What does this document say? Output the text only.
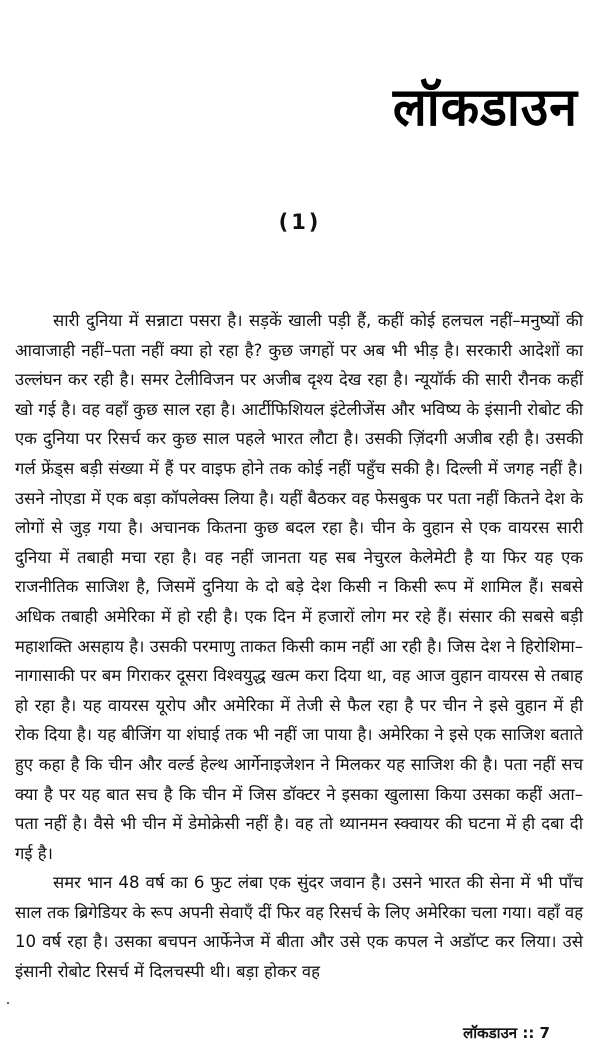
लॉकडाउन
(1)

सारी दुनिया में सन्नाटा पसरा है। सड़कें खाली पड़ी हैं, कहीं कोई हलचल नहीं–मनुष्यों की आवाजाही नहीं–पता नहीं क्या हो रहा है? कुछ जगहों पर अब भी भीड़ है। सरकारी आदेशों का उल्लंघन कर रही है। समर टेलीविजन पर अजीब दृश्य देख रहा है। न्यूयॉर्क की सारी रौनक कहीं खो गई है। वह वहाँ कुछ साल रहा है। आर्टीफिशियल इंटेलीजेंस और भविष्य के इंसानी रोबोट की एक दुनिया पर रिसर्च कर कुछ साल पहले भारत लौटा है। उसकी ज़िंदगी अजीब रही है। उसकी गर्ल फ्रेंड्स बड़ी संख्या में हैं पर वाइफ होने तक कोई नहीं पहुँच सकी है। दिल्ली में जगह नहीं है। उसने नोएडा में एक बड़ा कॉपलेक्स लिया है। यहीं बैठकर वह फेसबुक पर पता नहीं कितने देश के लोगों से जुड़ गया है। अचानक कितना कुछ बदल रहा है। चीन के वुहान से एक वायरस सारी दुनिया में तबाही मचा रहा है। वह नहीं जानता यह सब नेचुरल केलेमेटी है या फिर यह एक राजनीतिक साजिश है, जिसमें दुनिया के दो बड़े देश किसी न किसी रूप में शामिल हैं। सबसे अधिक तबाही अमेरिका में हो रही है। एक दिन में हजारों लोग मर रहे हैं। संसार की सबसे बड़ी महाशक्ति असहाय है। उसकी परमाणु ताकत किसी काम नहीं आ रही है। जिस देश ने हिरोशिमा–नागासाकी पर बम गिराकर दूसरा विश्वयुद्ध खत्म करा दिया था, वह आज वुहान वायरस से तबाह हो रहा है। यह वायरस यूरोप और अमेरिका में तेजी से फैल रहा है पर चीन ने इसे वुहान में ही रोक दिया है। यह बीजिंग या शंघाई तक भी नहीं जा पाया है। अमेरिका ने इसे एक साजिश बताते हुए कहा है कि चीन और वर्ल्ड हेल्थ आर्गेनाइजेशन ने मिलकर यह साजिश की है। पता नहीं सच क्या है पर यह बात सच है कि चीन में जिस डॉक्टर ने इसका खुलासा किया उसका कहीं अता–पता नहीं है। वैसे भी चीन में डेमोक्रेसी नहीं है। वह तो थ्यानमन स्क्वायर की घटना में ही दबा दी गई है।

समर भान 48 वर्ष का 6 फुट लंबा एक सुंदर जवान है। उसने भारत की सेना में भी पाँच साल तक ब्रिगेडियर के रूप अपनी सेवाएँ दीं फिर वह रिसर्च के लिए अमेरिका चला गया। वहाँ वह 10 वर्ष रहा है। उसका बचपन आर्फेनेज में बीता और उसे एक कपल ने अडॉप्ट कर लिया। उसे इंसानी रोबोट रिसर्च में दिलचस्पी थी। बड़ा होकर वह

लॉकडाउन :: 7
